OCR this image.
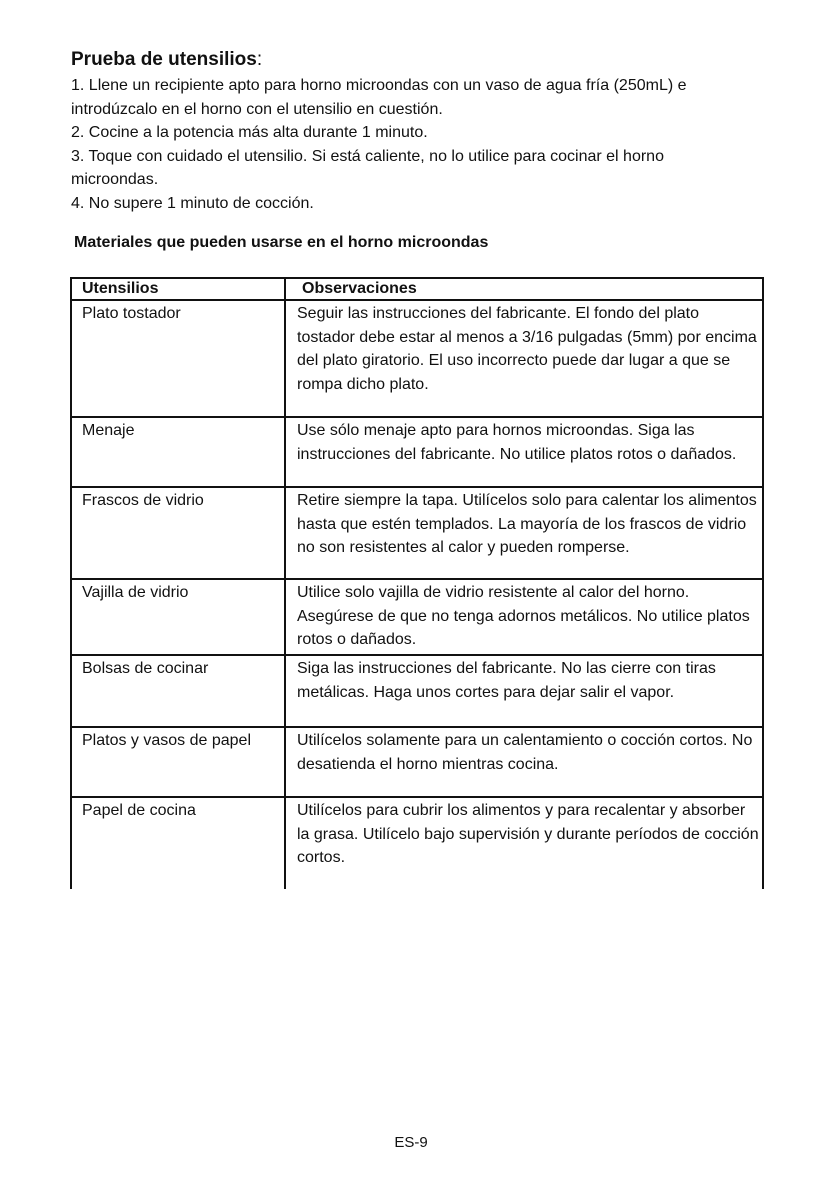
Prueba de utensilios:

1. Llene un recipiente apto para horno microondas con un vaso de agua fría (250mL) e introdúzcalo en el horno con el utensilio en cuestión.

2. Cocine a la potencia más alta durante 1 minuto.

3. Toque con cuidado el utensilio. Si está caliente, no lo utilice para cocinar el horno microondas.

4. No supere 1 minuto de cocción.

Materiales que pueden usarse en el horno microondas
Utensilios	Observaciones
Plato tostador	Seguir las instrucciones del fabricante. El fondo del plato tostador debe estar al menos a 3/16 pulgadas (5mm) por encima del plato giratorio. El uso incorrecto puede dar lugar a que se rompa dicho plato.
Menaje	Use sólo menaje apto para hornos microondas. Siga las instrucciones del fabricante. No utilice platos rotos o dañados.
Frascos de vidrio	Retire siempre la tapa. Utilícelos solo para calentar los alimentos hasta que estén templados. La mayoría de los frascos de vidrio no son resistentes al calor y pueden romperse.
Vajilla de vidrio	Utilice solo vajilla de vidrio resistente al calor del horno. Asegúrese de que no tenga adornos metálicos. No utilice platos rotos o dañados.
Bolsas de cocinar	Siga las instrucciones del fabricante. No las cierre con tiras metálicas. Haga unos cortes para dejar salir el vapor.
Platos y vasos de papel	Utilícelos solamente para un calentamiento o cocción cortos. No desatienda el horno mientras cocina.
Papel de cocina	Utilícelos para cubrir los alimentos y para recalentar y absorber la grasa. Utilícelo bajo supervisión y durante períodos de cocción cortos.
ES-9
